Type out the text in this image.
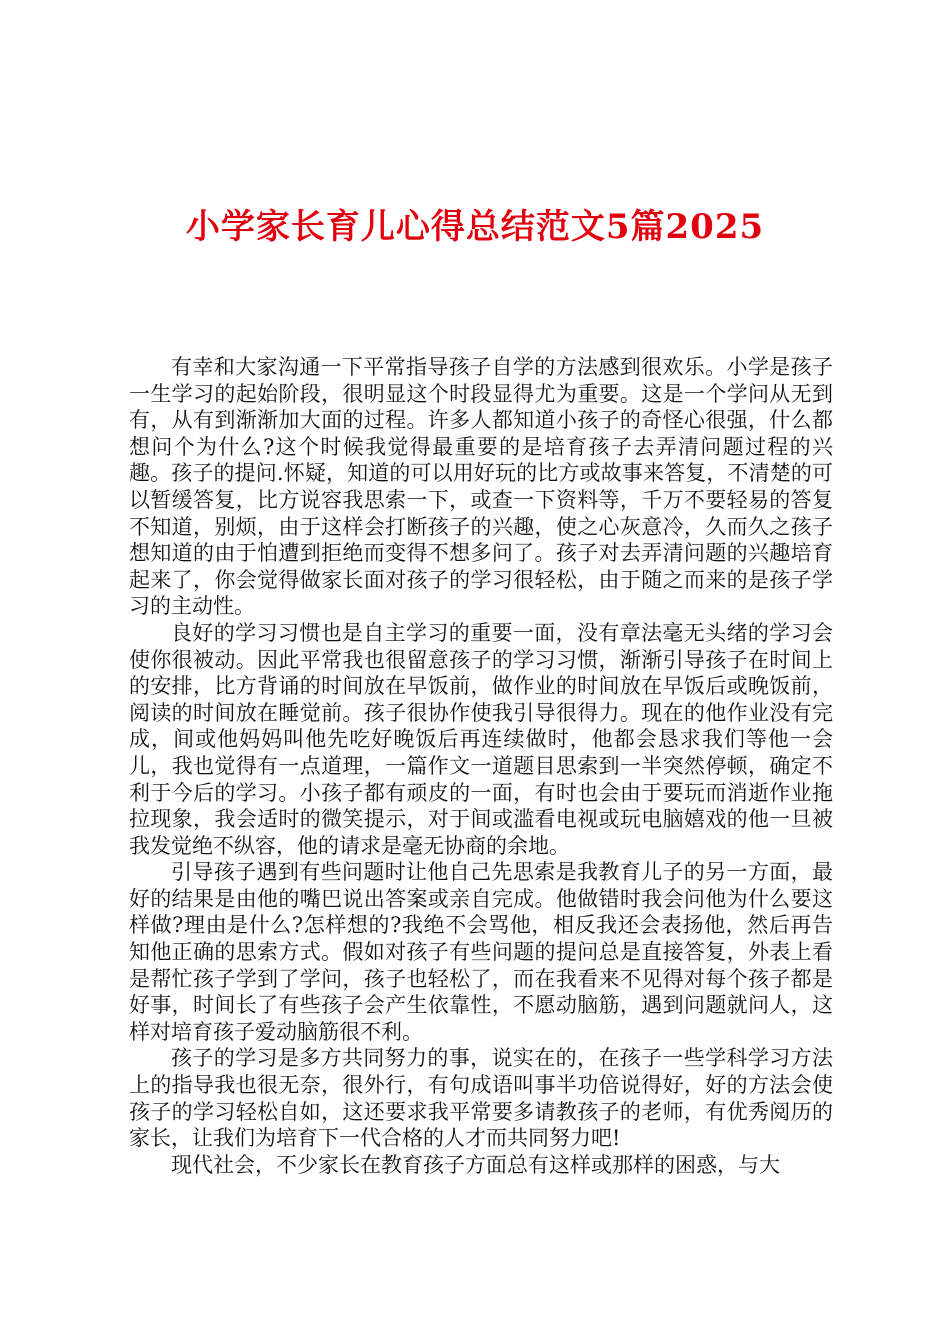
小学家长育儿心得总结范文5篇2025

有幸和大家沟通一下平常指导孩子自学的方法感到很欢乐。小学是孩子一生学习的起始阶段，很明显这个时段显得尤为重要。这是一个学问从无到有，从有到渐渐加大面的过程。许多人都知道小孩子的奇怪心很强，什么都想问个为什么?这个时候我觉得最重要的是培育孩子去弄清问题过程的兴趣。孩子的提问.怀疑，知道的可以用好玩的比方或故事来答复，不清楚的可以暂缓答复，比方说容我思索一下，或查一下资料等，千万不要轻易的答复不知道，别烦，由于这样会打断孩子的兴趣，使之心灰意冷，久而久之孩子想知道的由于怕遭到拒绝而变得不想多问了。孩子对去弄清问题的兴趣培育起来了，你会觉得做家长面对孩子的学习很轻松，由于随之而来的是孩子学习的主动性。

良好的学习习惯也是自主学习的重要一面，没有章法毫无头绪的学习会使你很被动。因此平常我也很留意孩子的学习习惯，渐渐引导孩子在时间上的安排，比方背诵的时间放在早饭前，做作业的时间放在早饭后或晚饭前，阅读的时间放在睡觉前。孩子很协作使我引导很得力。现在的他作业没有完成，间或他妈妈叫他先吃好晚饭后再连续做时，他都会恳求我们等他一会儿，我也觉得有一点道理，一篇作文一道题目思索到一半突然停顿，确定不利于今后的学习。小孩子都有顽皮的一面，有时也会由于要玩而消逝作业拖拉现象，我会适时的微笑提示，对于间或滥看电视或玩电脑嬉戏的他一旦被我发觉绝不纵容，他的请求是毫无协商的余地。

引导孩子遇到有些问题时让他自己先思索是我教育儿子的另一方面，最好的结果是由他的嘴巴说出答案或亲自完成。他做错时我会问他为什么要这样做?理由是什么?怎样想的?我绝不会骂他，相反我还会表扬他，然后再告知他正确的思索方式。假如对孩子有些问题的提问总是直接答复，外表上看是帮忙孩子学到了学问，孩子也轻松了，而在我看来不见得对每个孩子都是好事，时间长了有些孩子会产生依靠性，不愿动脑筋，遇到问题就问人，这样对培育孩子爱动脑筋很不利。

孩子的学习是多方共同努力的事，说实在的，在孩子一些学科学习方法上的指导我也很无奈，很外行，有句成语叫事半功倍说得好，好的方法会使孩子的学习轻松自如，这还要求我平常要多请教孩子的老师，有优秀阅历的家长，让我们为培育下一代合格的人才而共同努力吧!

现代社会，不少家长在教育孩子方面总有这样或那样的困惑，与大
